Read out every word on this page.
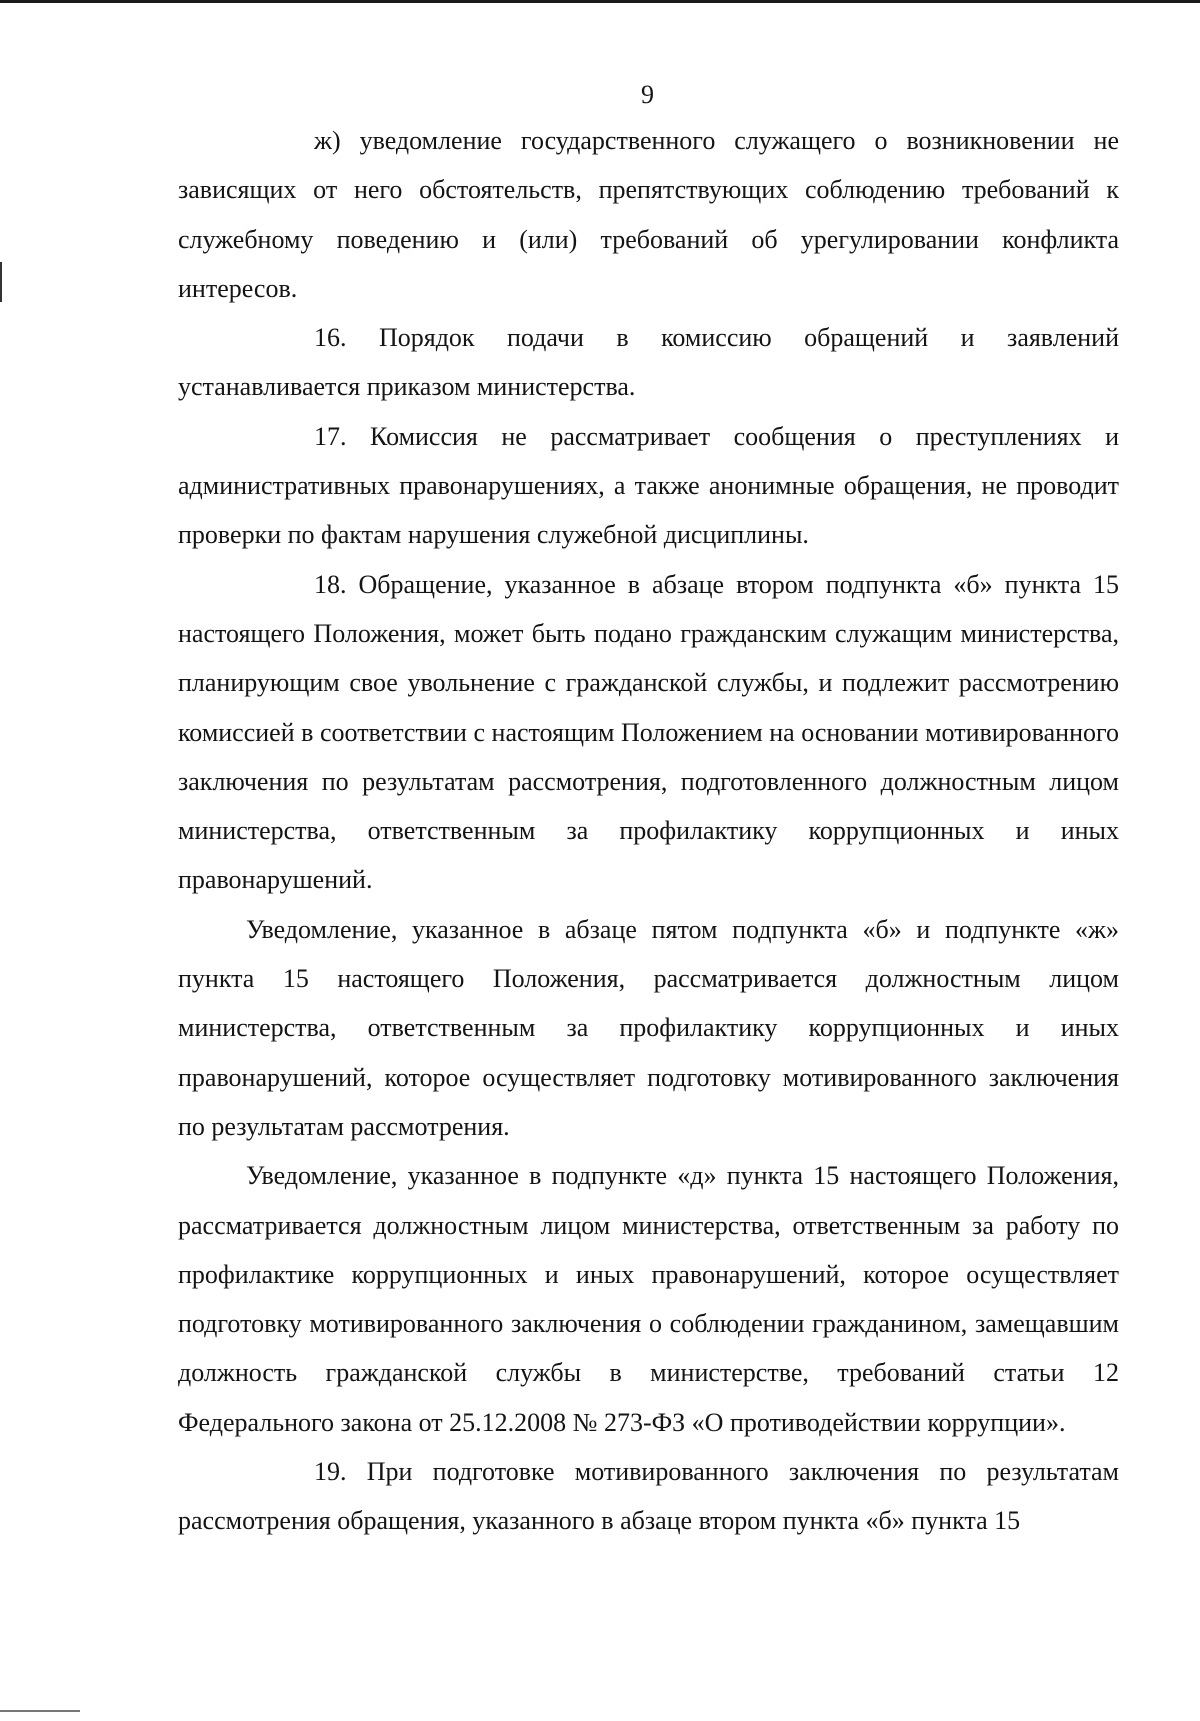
9

ж) уведомление государственного служащего о возникновении не зависящих от него обстоятельств, препятствующих соблюдению требований к служебному поведению и (или) требований об урегулировании конфликта интересов.

16. Порядок подачи в комиссию обращений и заявлений устанавливается приказом министерства.

17. Комиссия не рассматривает сообщения о преступлениях и административных правонарушениях, а также анонимные обращения, не проводит проверки по фактам нарушения служебной дисциплины.

18. Обращение, указанное в абзаце втором подпункта «б» пункта 15 настоящего Положения, может быть подано гражданским служащим министерства, планирующим свое увольнение с гражданской службы, и подлежит рассмотрению комиссией в соответствии с настоящим Положением на основании мотивированного заключения по результатам рассмотрения, подготовленного должностным лицом министерства, ответственным за профилактику коррупционных и иных правонарушений.

Уведомление, указанное в абзаце пятом подпункта «б» и подпункте «ж» пункта 15 настоящего Положения, рассматривается должностным лицом министерства, ответственным за профилактику коррупционных и иных правонарушений, которое осуществляет подготовку мотивированного заключения по результатам рассмотрения.

Уведомление, указанное в подпункте «д» пункта 15 настоящего Положения, рассматривается должностным лицом министерства, ответственным за работу по профилактике коррупционных и иных правонарушений, которое осуществляет подготовку мотивированного заключения о соблюдении гражданином, замещавшим должность гражданской службы в министерстве, требований статьи 12 Федерального закона от 25.12.2008 № 273-ФЗ «О противодействии коррупции».

19. При подготовке мотивированного заключения по результатам рассмотрения обращения, указанного в абзаце втором пункта «б» пункта 15
